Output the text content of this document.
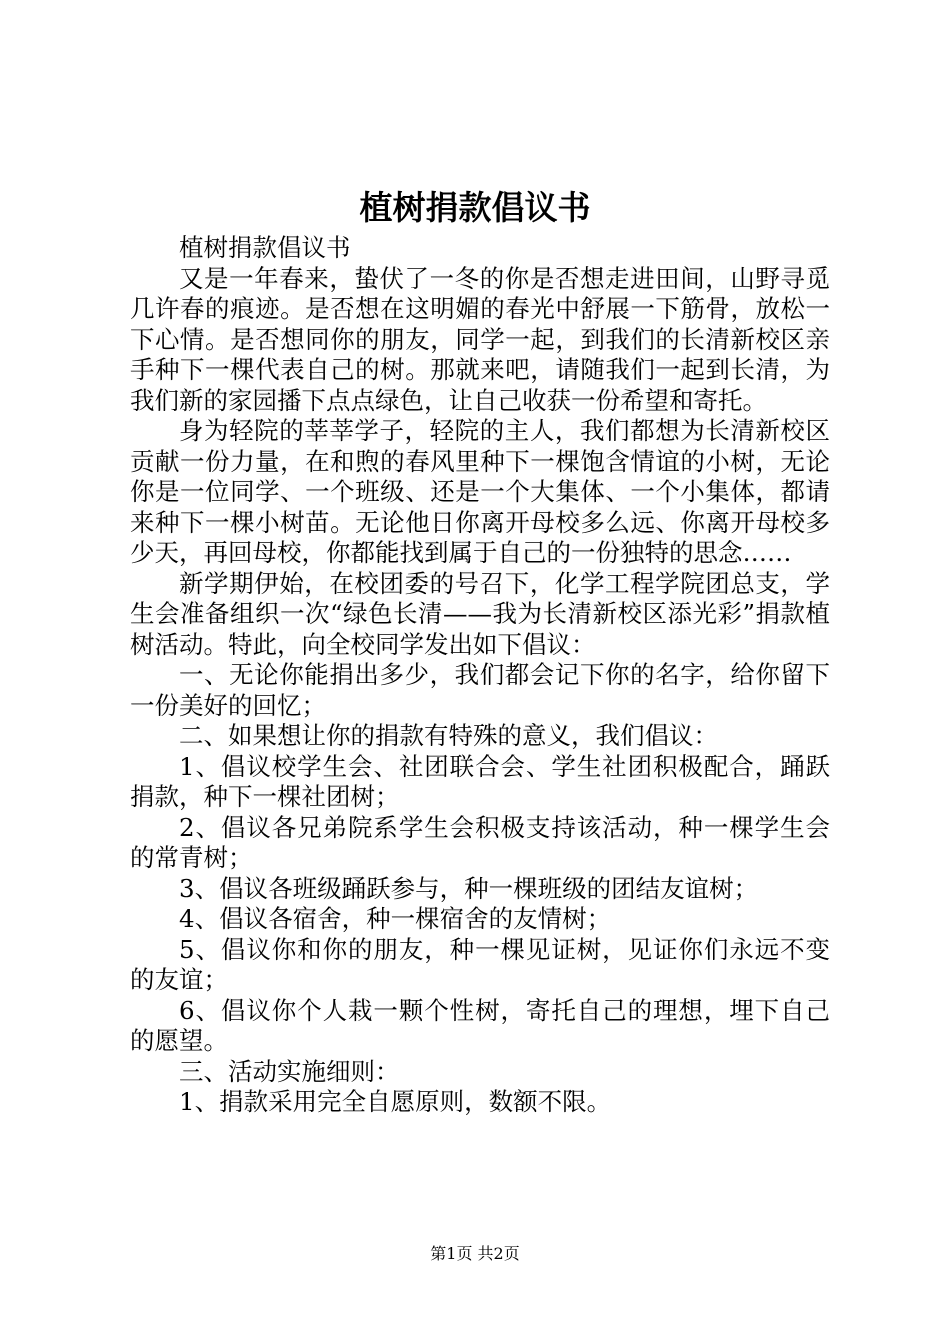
植树捐款倡议书

植树捐款倡议书

又是一年春来，蛰伏了一冬的你是否想走进田间，山野寻觅几许春的痕迹。是否想在这明媚的春光中舒展一下筋骨，放松一下心情。是否想同你的朋友，同学一起，到我们的长清新校区亲手种下一棵代表自己的树。那就来吧，请随我们一起到长清，为我们新的家园播下点点绿色，让自己收获一份希望和寄托。

身为轻院的莘莘学子，轻院的主人，我们都想为长清新校区贡献一份力量，在和煦的春风里种下一棵饱含情谊的小树，无论你是一位同学、一个班级、还是一个大集体、一个小集体，都请来种下一棵小树苗。无论他日你离开母校多么远、你离开母校多少天，再回母校，你都能找到属于自己的一份独特的思念……

新学期伊始，在校团委的号召下，化学工程学院团总支，学生会准备组织一次“绿色长清——我为长清新校区添光彩”捐款植树活动。特此，向全校同学发出如下倡议：

一、无论你能捐出多少，我们都会记下你的名字，给你留下一份美好的回忆；

二、如果想让你的捐款有特殊的意义，我们倡议：

1、倡议校学生会、社团联合会、学生社团积极配合，踊跃捐款，种下一棵社团树；

2、倡议各兄弟院系学生会积极支持该活动，种一棵学生会的常青树；

3、倡议各班级踊跃参与，种一棵班级的团结友谊树；

4、倡议各宿舍，种一棵宿舍的友情树；

5、倡议你和你的朋友，种一棵见证树，见证你们永远不变的友谊；

6、倡议你个人栽一颗个性树，寄托自己的理想，埋下自己的愿望。

三、活动实施细则：

1、捐款采用完全自愿原则，数额不限。

第1页 共2页
